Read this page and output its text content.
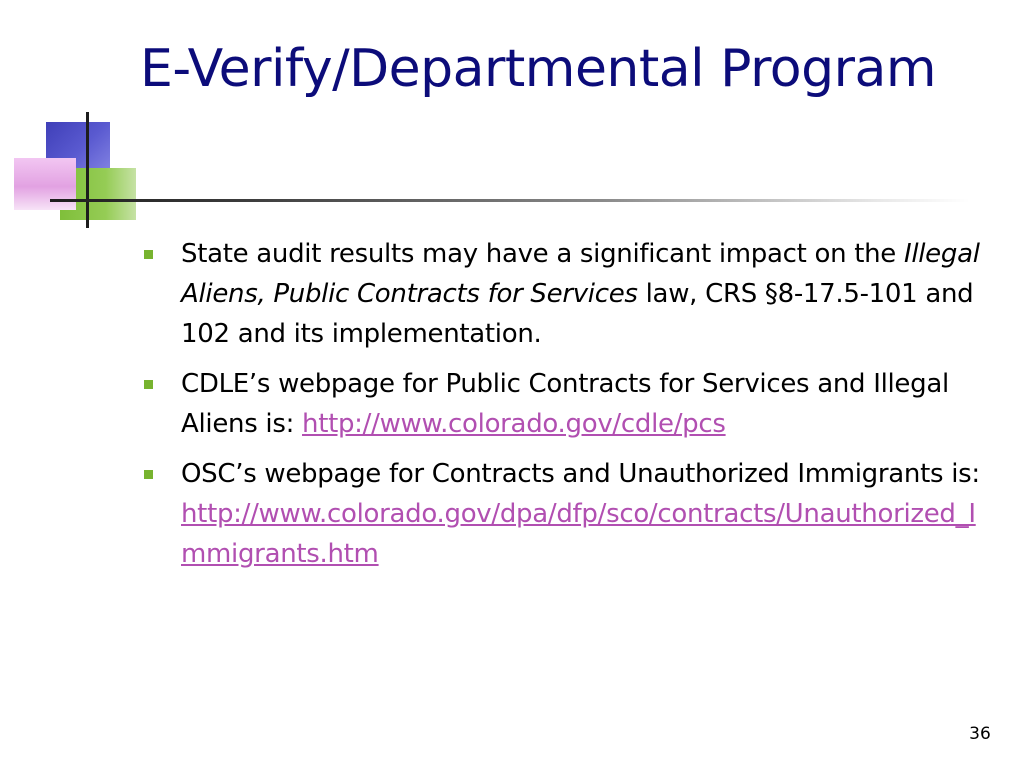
E-Verify/Departmental Program
State audit results may have a significant impact on the Illegal Aliens, Public Contracts for Services law, CRS §8-17.5-101 and 102 and its implementation.
CDLE’s webpage for Public Contracts for Services and Illegal Aliens is: http://www.colorado.gov/cdle/pcs
OSC’s webpage for Contracts and Unauthorized Immigrants is: http://www.colorado.gov/dpa/dfp/sco/contracts/Unauthorized_Immigrants.htm
36
